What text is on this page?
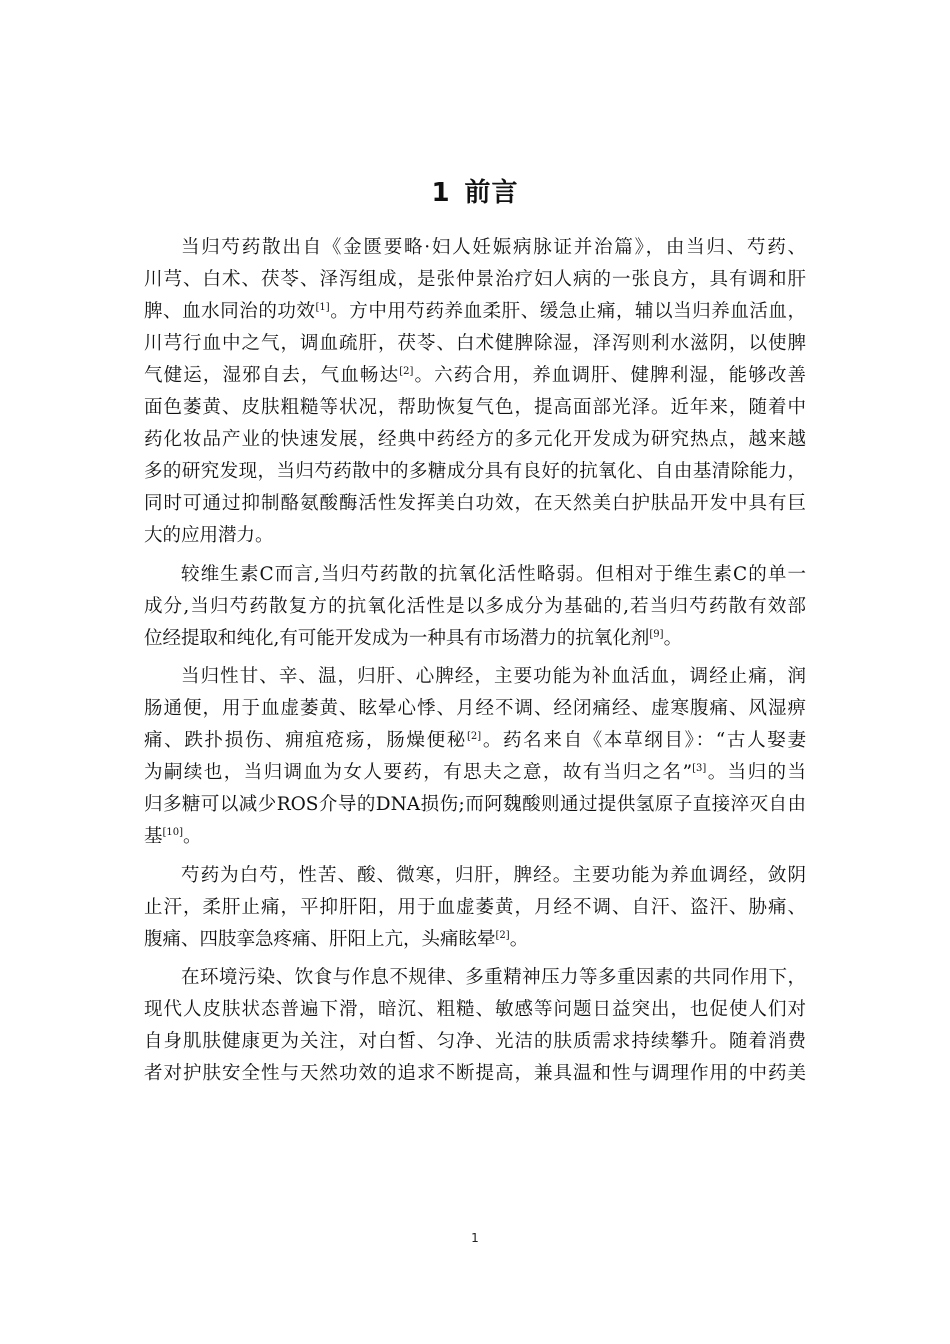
1 前言
当归芍药散出自《金匮要略·妇人妊娠病脉证并治篇》，由当归、芍药、
川芎、白术、茯苓、泽泻组成，是张仲景治疗妇人病的一张良方，具有调和肝
脾、血水同治的功效[1]。方中用芍药养血柔肝、缓急止痛，辅以当归养血活血，
川芎行血中之气，调血疏肝，茯苓、白术健脾除湿，泽泻则利水滋阴，以使脾
气健运，湿邪自去，气血畅达[2]。六药合用，养血调肝、健脾利湿，能够改善
面色萎黄、皮肤粗糙等状况，帮助恢复气色，提高面部光泽。近年来，随着中
药化妆品产业的快速发展，经典中药经方的多元化开发成为研究热点，越来越
多的研究发现，当归芍药散中的多糖成分具有良好的抗氧化、自由基清除能力，
同时可通过抑制酪氨酸酶活性发挥美白功效，在天然美白护肤品开发中具有巨
大的应用潜力。
较维生素C而言,当归芍药散的抗氧化活性略弱。但相对于维生素C的单一
成分,当归芍药散复方的抗氧化活性是以多成分为基础的,若当归芍药散有效部
位经提取和纯化,有可能开发成为一种具有市场潜力的抗氧化剂[9]。
当归性甘、辛、温，归肝、心脾经，主要功能为补血活血，调经止痛，润
肠通便，用于血虚萎黄、眩晕心悸、月经不调、经闭痛经、虚寒腹痛、风湿痹
痛、跌扑损伤、痈疽疮疡，肠燥便秘[2]。药名来自《本草纲目》：“古人娶妻
为嗣续也，当归调血为女人要药，有思夫之意，故有当归之名”[3]。当归的当
归多糖可以减少ROS介导的DNA损伤;而阿魏酸则通过提供氢原子直接淬灭自由
基[10]。
芍药为白芍，性苦、酸、微寒，归肝，脾经。主要功能为养血调经，敛阴
止汗，柔肝止痛，平抑肝阳，用于血虚萎黄，月经不调、自汗、盗汗、胁痛、
腹痛、四肢挛急疼痛、肝阳上亢，头痛眩晕[2]。
在环境污染、饮食与作息不规律、多重精神压力等多重因素的共同作用下，
现代人皮肤状态普遍下滑，暗沉、粗糙、敏感等问题日益突出，也促使人们对
自身肌肤健康更为关注，对白皙、匀净、光洁的肤质需求持续攀升。随着消费
者对护肤安全性与天然功效的追求不断提高，兼具温和性与调理作用的中药美
1
